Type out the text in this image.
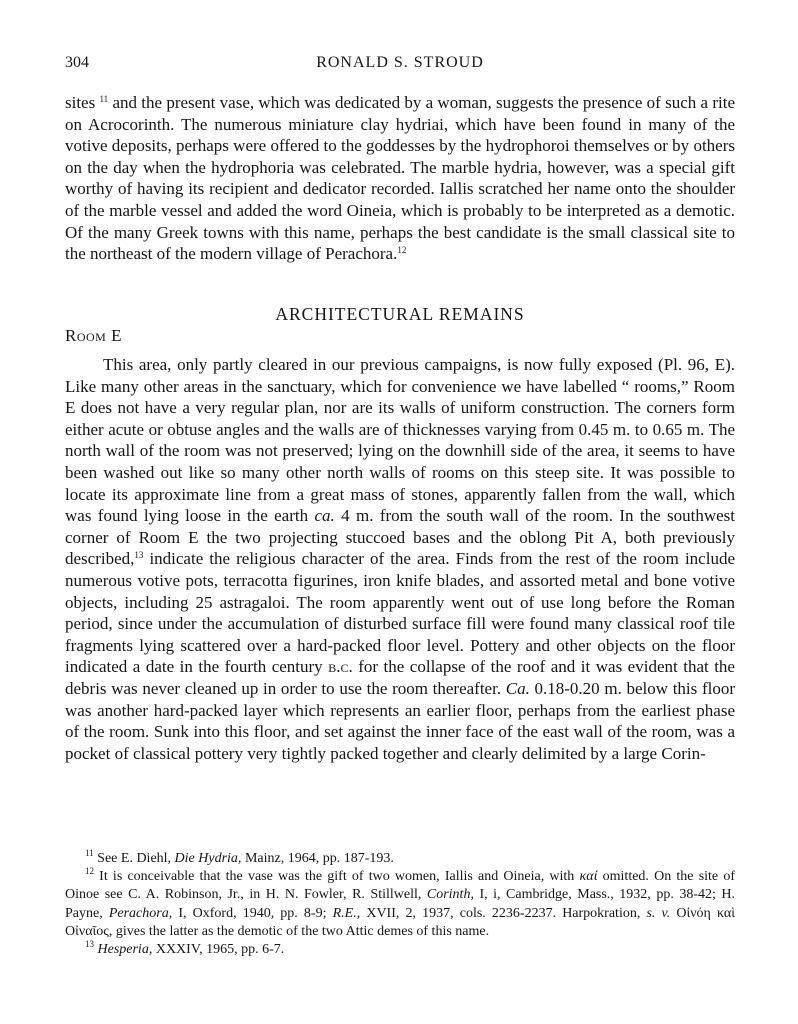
304	RONALD S. STROUD

sites $^{11}$ and the present vase, which was dedicated by a woman, suggests the presence of such a rite on Acrocorinth. The numerous miniature clay hydriai, which have been found in many of the votive deposits, perhaps were offered to the goddesses by the hydrophoroi themselves or by others on the day when the hydrophoria was celebrated. The marble hydria, however, was a special gift worthy of having its recipient and dedicator recorded. Iallis scratched her name onto the shoulder of the marble vessel and added the word Oineia, which is probably to be interpreted as a demotic. Of the many Greek towns with this name, perhaps the best candidate is the small classical site to the northeast of the modern village of Perachora.$^{12}$

ARCHITECTURAL REMAINS
Room E

This area, only partly cleared in our previous campaigns, is now fully exposed (Pl. 96, E). Like many other areas in the sanctuary, which for convenience we have labelled “ rooms,” Room E does not have a very regular plan, nor are its walls of uniform construction. The corners form either acute or obtuse angles and the walls are of thicknesses varying from 0.45 m. to 0.65 m. The north wall of the room was not preserved; lying on the downhill side of the area, it seems to have been washed out like so many other north walls of rooms on this steep site. It was possible to locate its approximate line from a great mass of stones, apparently fallen from the wall, which was found lying loose in the earth ca. 4 m. from the south wall of the room. In the southwest corner of Room E the two projecting stuccoed bases and the oblong Pit A, both previously described,$^{13}$ indicate the religious character of the area. Finds from the rest of the room include numerous votive pots, terracotta figurines, iron knife blades, and assorted metal and bone votive objects, including 25 astragaloi. The room apparently went out of use long before the Roman period, since under the accumulation of disturbed surface fill were found many classical roof tile fragments lying scattered over a hard-packed floor level. Pottery and other objects on the floor indicated a date in the fourth century b.c. for the collapse of the roof and it was evident that the debris was never cleaned up in order to use the room thereafter. Ca. 0.18-0.20 m. below this floor was another hard-packed layer which represents an earlier floor, perhaps from the earliest phase of the room. Sunk into this floor, and set against the inner face of the east wall of the room, was a pocket of classical pottery very tightly packed together and clearly delimited by a large Corin-

$^{11}$ See E. Diehl, Die Hydria, Mainz, 1964, pp. 187-193.

$^{12}$ It is conceivable that the vase was the gift of two women, Iallis and Oineia, with καί omitted. On the site of Oinoe see C. A. Robinson, Jr., in H. N. Fowler, R. Stillwell, Corinth, I, i, Cambridge, Mass., 1932, pp. 38-42; H. Payne, Perachora, I, Oxford, 1940, pp. 8-9; R.E., XVII, 2, 1937, cols. 2236-2237. Harpokration, s. v. Οἰνόη καὶ Οἰναῖος, gives the latter as the demotic of the two Attic demes of this name.

$^{13}$ Hesperia, XXXIV, 1965, pp. 6-7.
